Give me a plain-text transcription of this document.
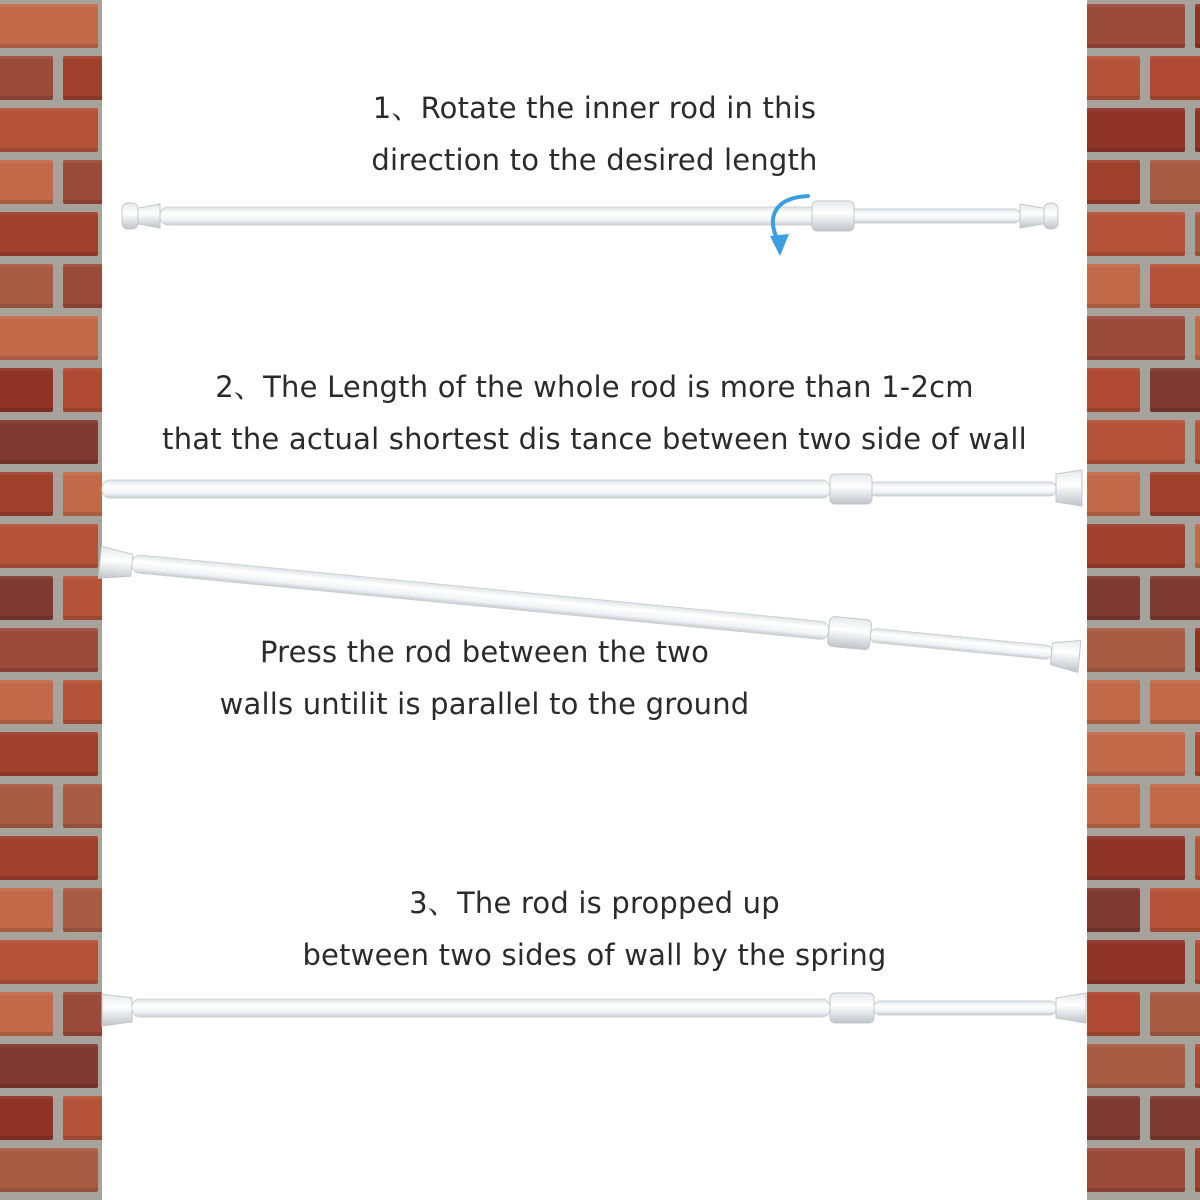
1、Rotate the inner rod in this
direction to the desired length
2、The Length of the whole rod is more than 1-2cm
that the actual shortest dis tance between two side of wall
Press the rod between the two
walls untilit is parallel to the ground
3、The rod is propped up
between two sides of wall by the spring
